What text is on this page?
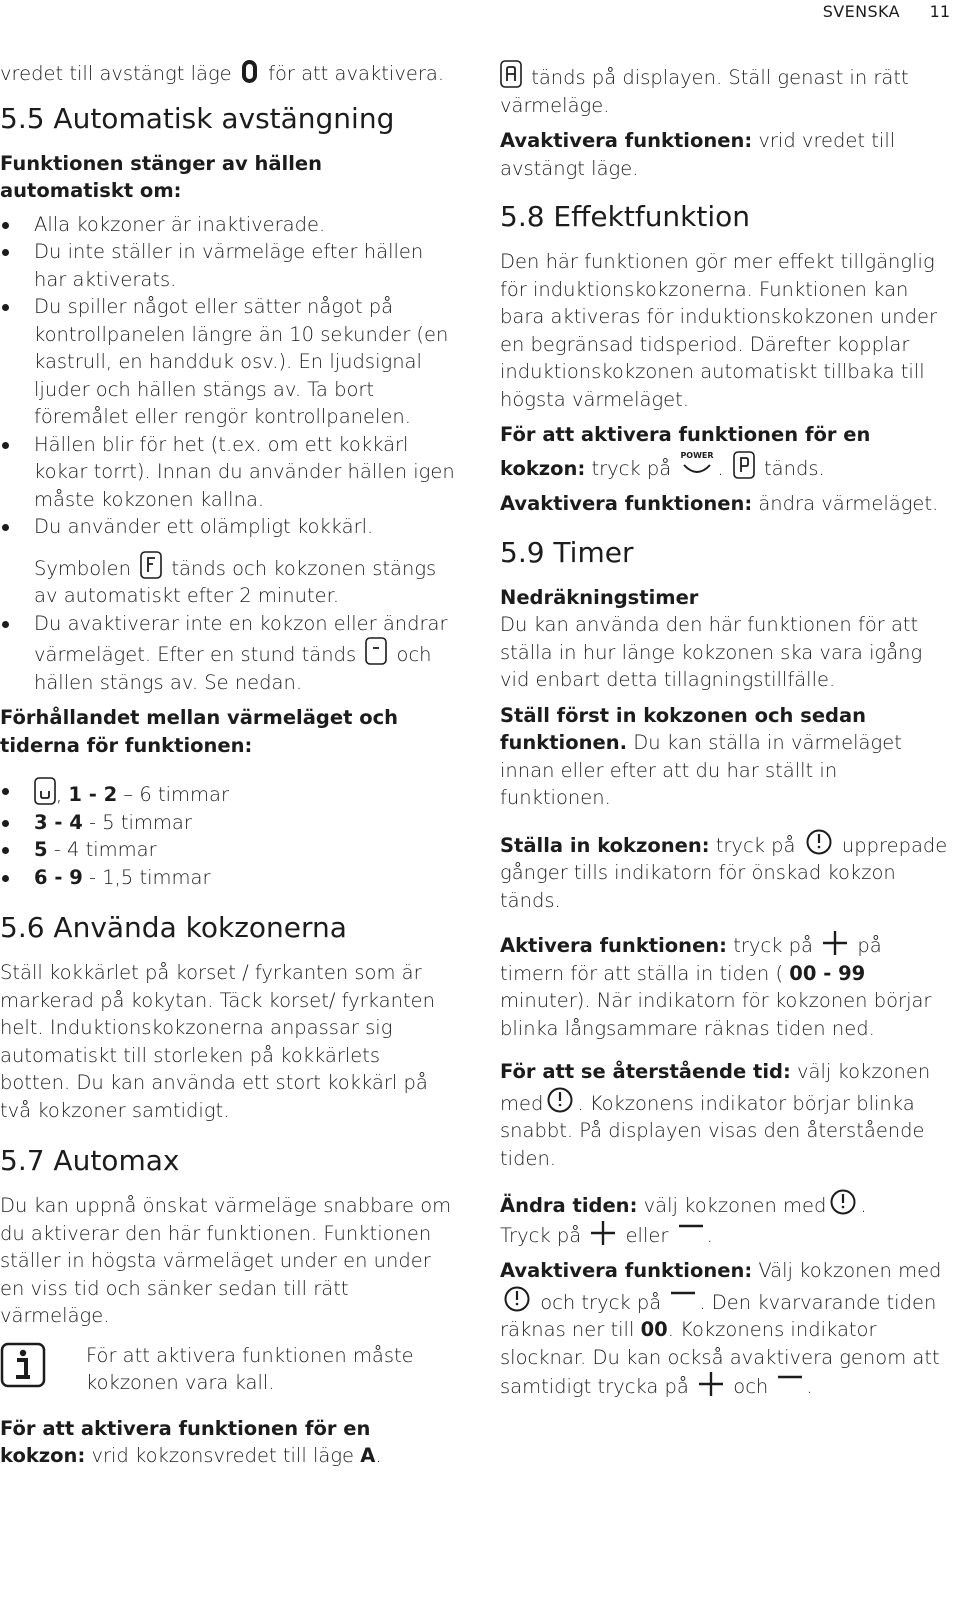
SVENSKA 11

vredet till avstängt läge för att avaktivera.

5.5 Automatisk avstängning
Funktionen stänger av hällen automatiskt om:
Alla kokzoner är inaktiverade.
Du inte ställer in värmeläge efter hällen har aktiverats.
Du spiller något eller sätter något på kontrollpanelen längre än 10 sekunder (en kastrull, en handduk osv.). En ljudsignal ljuder och hällen stängs av. Ta bort föremålet eller rengör kontrollpanelen.
Hällen blir för het (t.ex. om ett kokkärl kokar torrt). Innan du använder hällen igen måste kokzonen kallna.
Du använder ett olämpligt kokkärl.
Symbolen tänds och kokzonen stängs av automatiskt efter 2 minuter.
Du avaktiverar inte en kokzon eller ändrar värmeläget. Efter en stund tänds och hällen stängs av. Se nedan.
Förhållandet mellan värmeläget och tiderna för funktionen:
, 1 - 2 – 6 timmar
3 - 4 - 5 timmar
5 - 4 timmar
6 - 9 - 1,5 timmar
5.6 Använda kokzonerna

Ställ kokkärlet på korset / fyrkanten som är markerad på kokytan. Täck korset/ fyrkanten helt. Induktionskokzonerna anpassar sig automatiskt till storleken på kokkärlets botten. Du kan använda ett stort kokkärl på två kokzoner samtidigt.

5.7 Automax

Du kan uppnå önskat värmeläge snabbare om du aktiverar den här funktionen. Funktionen ställer in högsta värmeläget under en under en viss tid och sänker sedan till rätt värmeläge.

För att aktivera funktionen måste kokzonen vara kall.

För att aktivera funktionen för en kokzon: vrid kokzonsvredet till läge A.

tänds på displayen. Ställ genast in rätt värmeläge.

Avaktivera funktionen: vrid vredet till avstängt läge.

5.8 Effektfunktion

Den här funktionen gör mer effekt tillgänglig för induktionskokzonerna. Funktionen kan bara aktiveras för induktionskokzonen under en begränsad tidsperiod. Därefter kopplar induktionskokzonen automatiskt tillbaka till högsta värmeläget.

För att aktivera funktionen för en kokzon: tryck på
POWER
. tänds.

Avaktivera funktionen: ändra värmeläget.

5.9 Timer
Nedräkningstimer

Du kan använda den här funktionen för att ställa in hur länge kokzonen ska vara igång vid enbart detta tillagningstillfälle.

Ställ först in kokzonen och sedan funktionen. Du kan ställa in värmeläget innan eller efter att du har ställt in funktionen.

Ställa in kokzonen: tryck på upprepade gånger tills indikatorn för önskad kokzon tänds.

Aktivera funktionen: tryck på på timern för att ställa in tiden ( 00 - 99 minuter). När indikatorn för kokzonen börjar blinka långsammare räknas tiden ned.

För att se återstående tid: välj kokzonen med . Kokzonens indikator börjar blinka snabbt. På displayen visas den återstående tiden.

Ändra tiden: välj kokzonen med .
Tryck på eller .

Avaktivera funktionen: Välj kokzonen med  och tryck på . Den kvarvarande tiden räknas ner till 00. Kokzonens indikator slocknar. Du kan också avaktivera genom att samtidigt trycka på och .
